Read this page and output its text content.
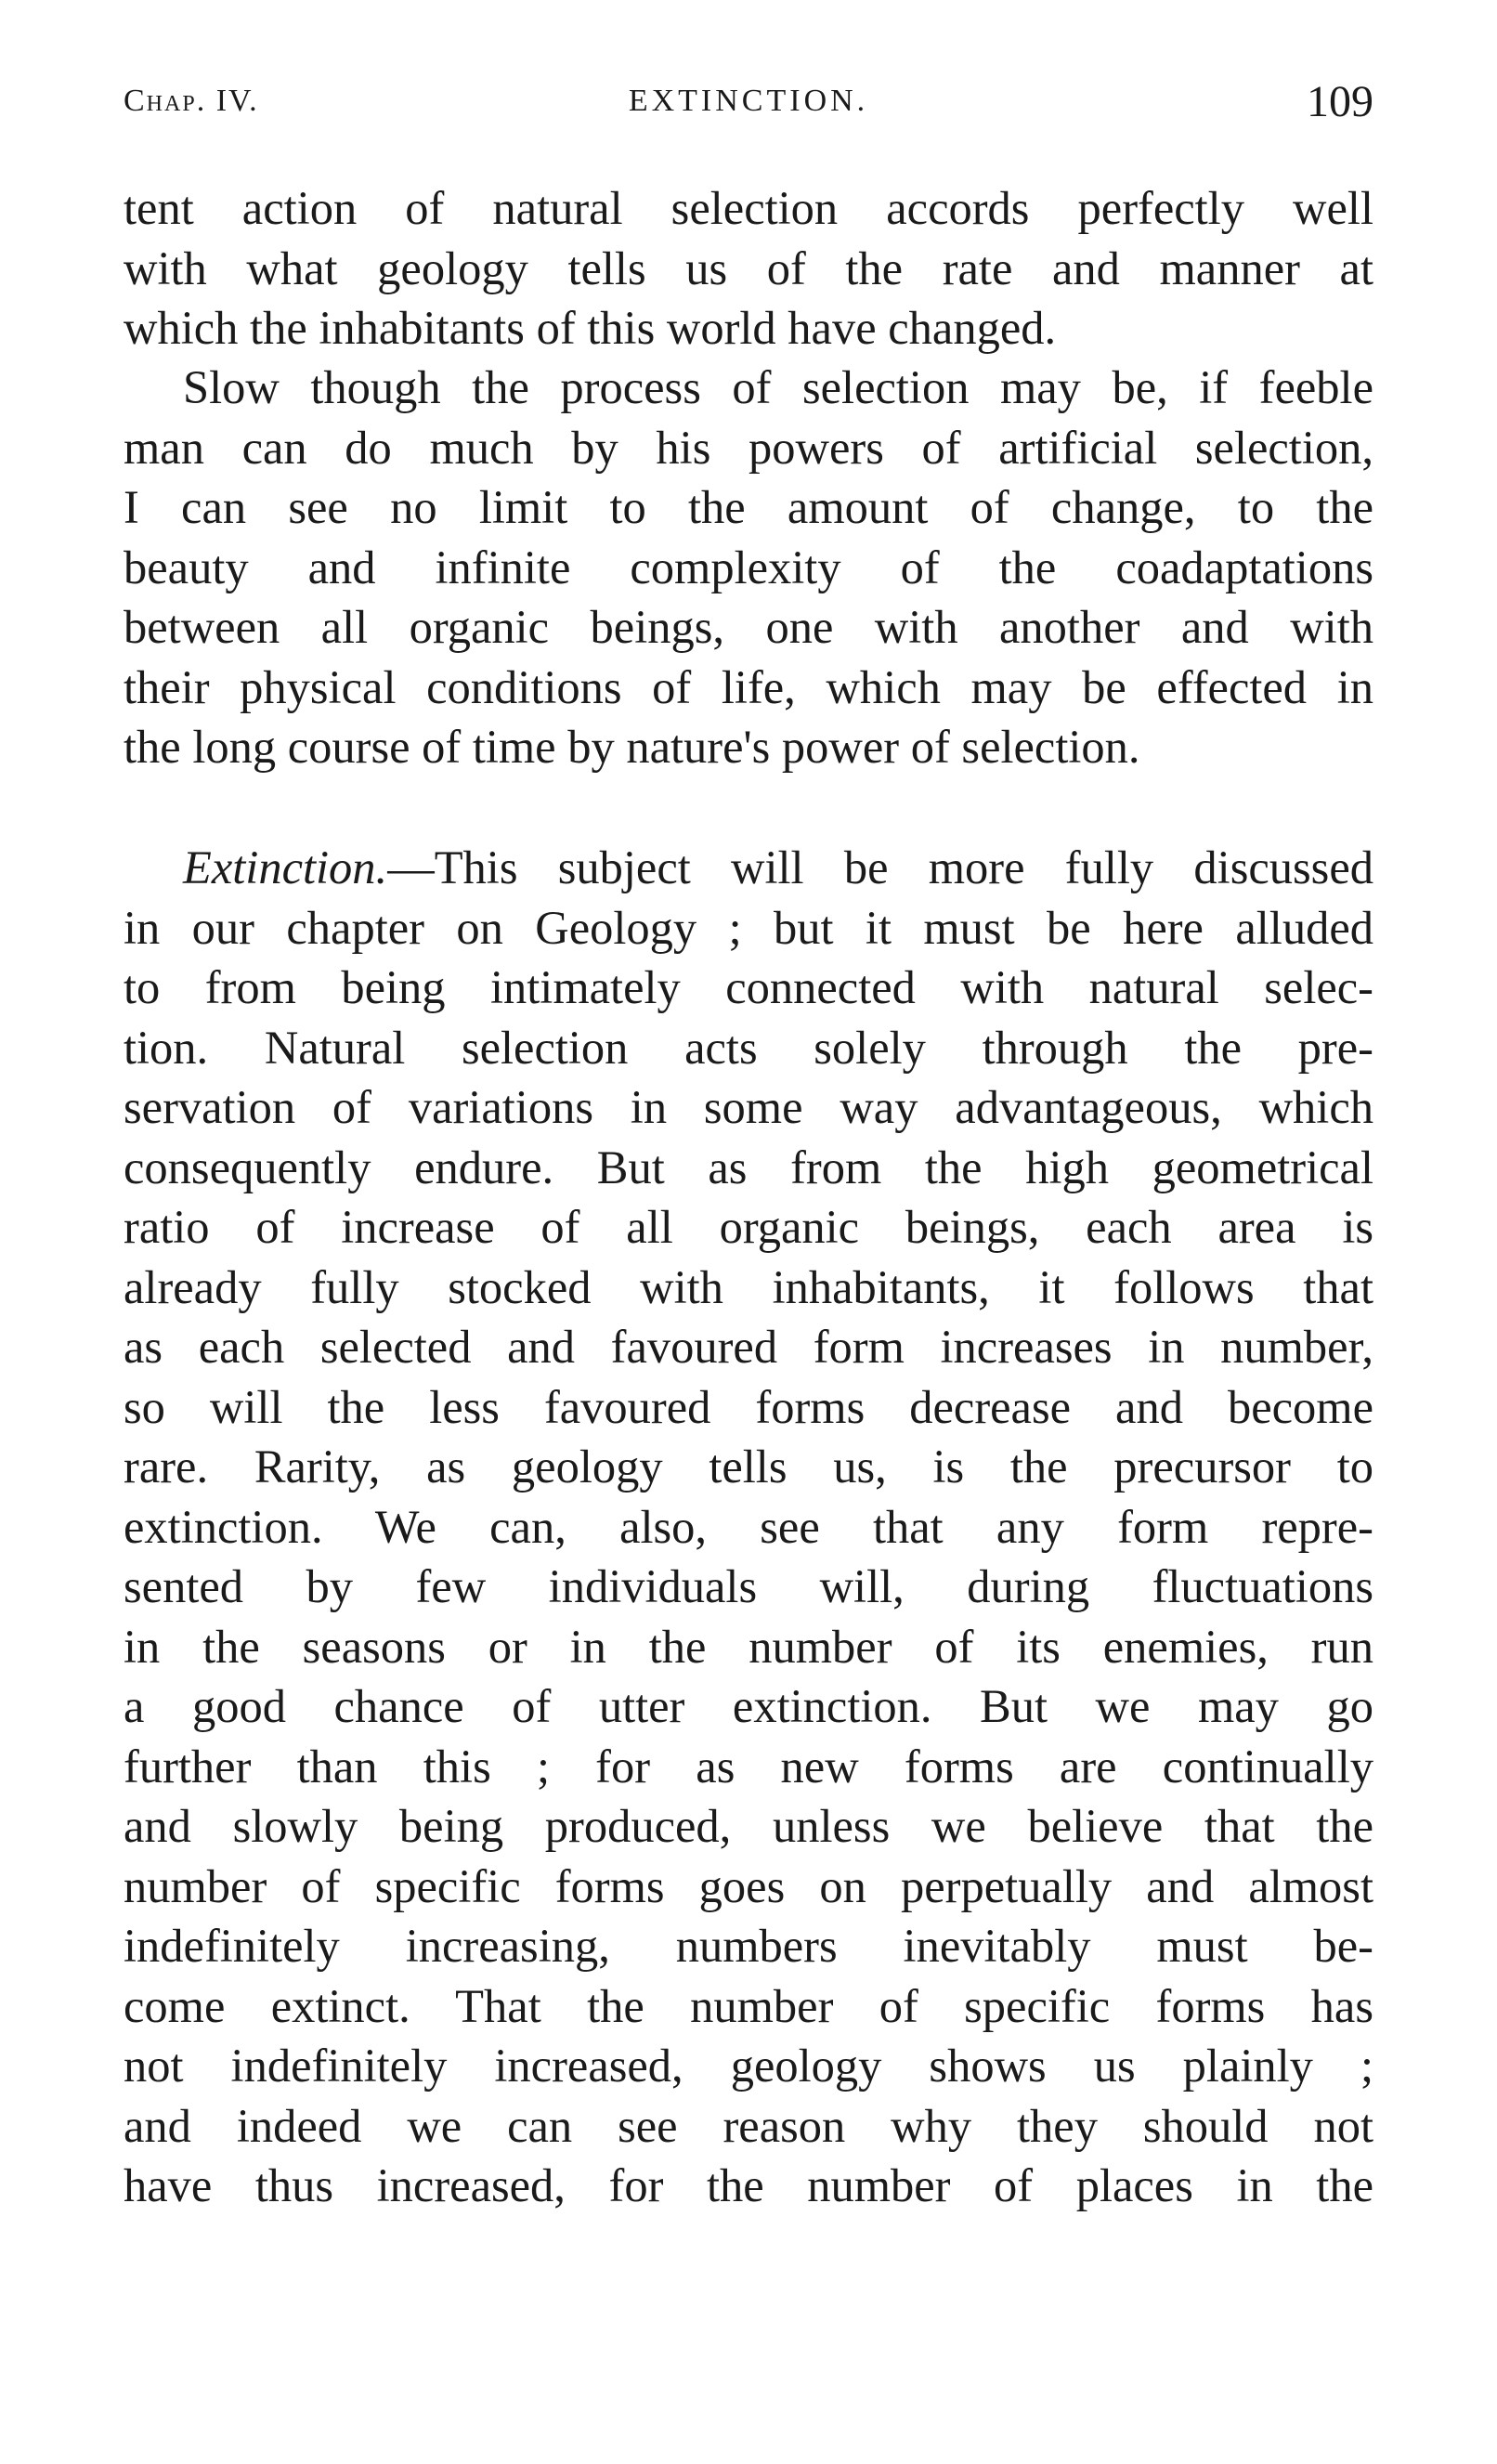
Chap. IV.	EXTINCTION.	109
tent action of natural selection accords perfectly well
with what geology tells us of the rate and manner at
which the inhabitants of this world have changed.
Slow though the process of selection may be, if feeble
man can do much by his powers of artificial selection,
I can see no limit to the amount of change, to the
beauty and infinite complexity of the coadaptations
between all organic beings, one with another and with
their physical conditions of life, which may be effected in
the long course of time by nature's power of selection.
Extinction.—This subject will be more fully discussed
in our chapter on Geology ; but it must be here alluded
to from being intimately connected with natural selec-
tion. Natural selection acts solely through the pre-
servation of variations in some way advantageous, which
consequently endure. But as from the high geometrical
ratio of increase of all organic beings, each area is
already fully stocked with inhabitants, it follows that
as each selected and favoured form increases in number,
so will the less favoured forms decrease and become
rare. Rarity, as geology tells us, is the precursor to
extinction. We can, also, see that any form repre-
sented by few individuals will, during fluctuations
in the seasons or in the number of its enemies, run
a good chance of utter extinction. But we may go
further than this ; for as new forms are continually
and slowly being produced, unless we believe that the
number of specific forms goes on perpetually and almost
indefinitely increasing, numbers inevitably must be-
come extinct. That the number of specific forms has
not indefinitely increased, geology shows us plainly ;
and indeed we can see reason why they should not
have thus increased, for the number of places in the
